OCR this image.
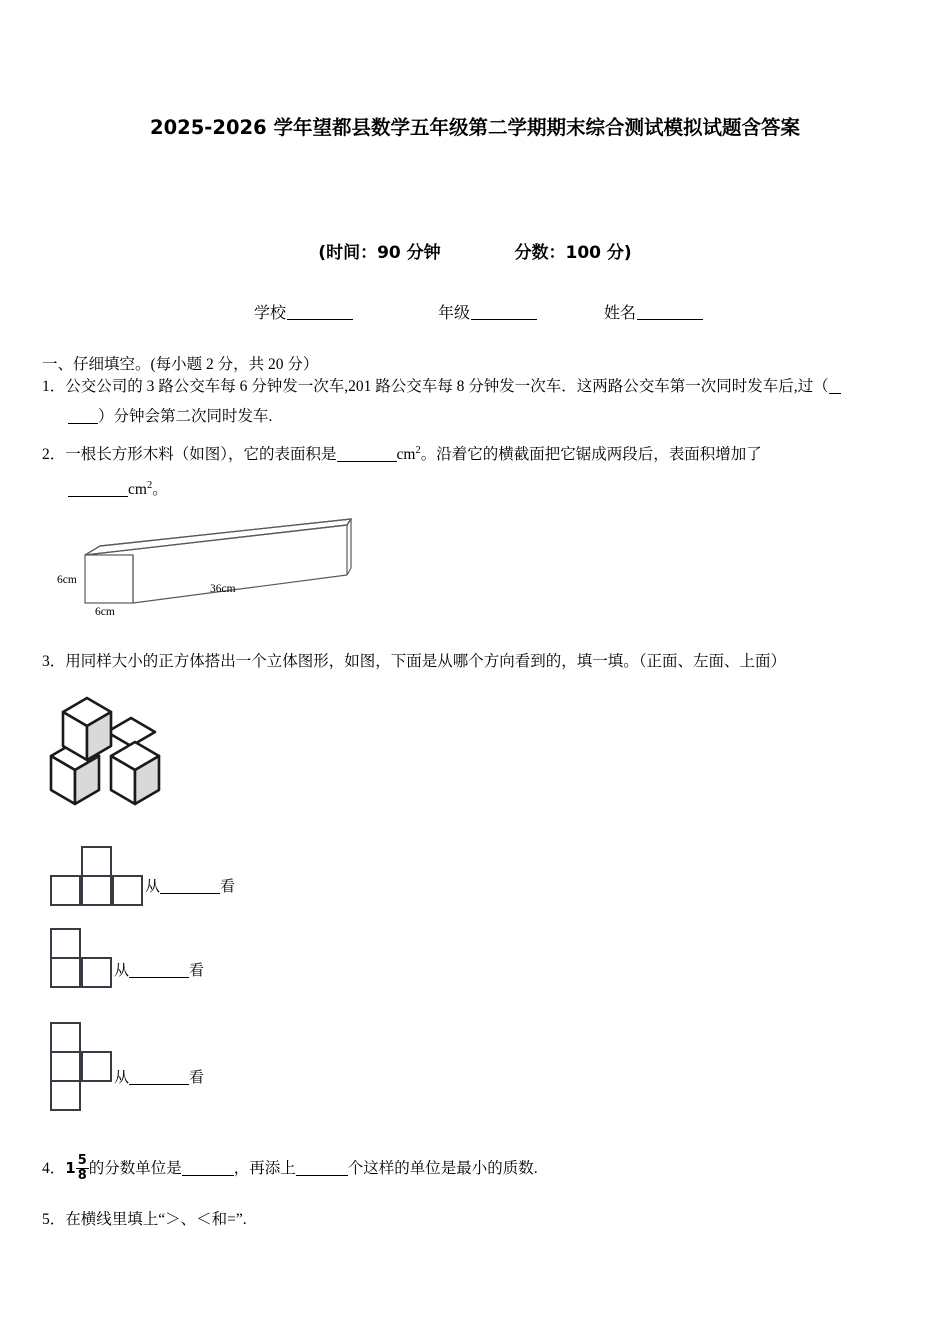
2025-2026 学年望都县数学五年级第二学期期末综合测试模拟试题含答案
(时间：90 分钟	分数：100 分)
学校	年级	姓名
一、仔细填空。(每小题 2 分，共 20 分）
1．公交公司的 3 路公交车每 6 分钟发一次车,201 路公交车每 8 分钟发一次车．这两路公交车第一次同时发车后,过（
）分钟会第二次同时发车.
2．一根长方形木料（如图），它的表面积是	$cm^2$。沿着它的横截面把它锯成两段后，表面积增加了
$cm^2$。
6cm
6cm
36cm
3．用同样大小的正方体搭出一个立体图形，如图，下面是从哪个方向看到的，填一填。（正面、左面、上面）
从	看
从	看
从	看
4．$1 \frac{5}{8}$ 的分数单位是	，再添上	个这样的单位是最小的质数.
5．在横线里填上“＞、＜和=”.
